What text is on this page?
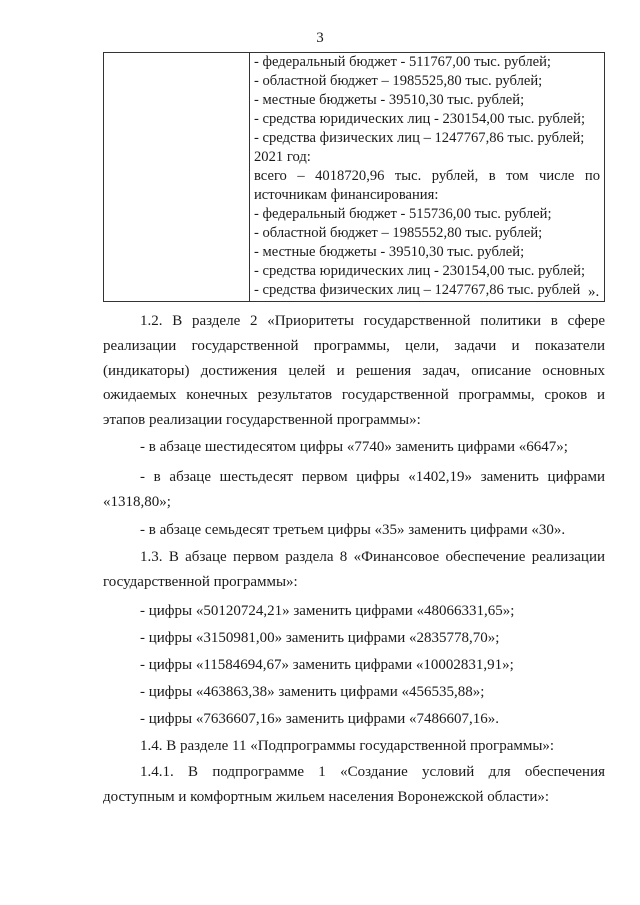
3

- федеральный бюджет - 511767,00 тыс. рублей;
- областной бюджет – 1985525,80 тыс. рублей;
- местные бюджеты - 39510,30 тыс. рублей;
- средства юридических лиц - 230154,00 тыс. рублей;
- средства физических лиц – 1247767,86 тыс. рублей;
2021 год:
всего – 4018720,96 тыс. рублей, в том числе по
источникам финансирования:
- федеральный бюджет - 515736,00 тыс. рублей;
- областной бюджет – 1985552,80 тыс. рублей;
- местные бюджеты - 39510,30 тыс. рублей;
- средства юридических лиц - 230154,00 тыс. рублей;
- средства физических лиц – 1247767,86 тыс. рублей ».
1.2. В разделе 2 «Приоритеты государственной политики в сфере реализации государственной программы, цели, задачи и показатели (индикаторы) достижения целей и решения задач, описание основных ожидаемых конечных результатов государственной программы, сроков и этапов реализации государственной программы»:
- в абзаце шестидесятом цифры «7740» заменить цифрами «6647»;
- в абзаце шестьдесят первом цифры «1402,19» заменить цифрами
«1318,80»;
- в абзаце семьдесят третьем цифры «35» заменить цифрами «30».
1.3. В абзаце первом раздела 8 «Финансовое обеспечение реализации государственной программы»:
- цифры «50120724,21» заменить цифрами «48066331,65»;
- цифры «3150981,00» заменить цифрами «2835778,70»;
- цифры «11584694,67» заменить цифрами «10002831,91»;
- цифры «463863,38» заменить цифрами «456535,88»;
- цифры «7636607,16» заменить цифрами «7486607,16».
1.4. В разделе 11 «Подпрограммы государственной программы»:
1.4.1. В подпрограмме 1 «Создание условий для обеспечения доступным и комфортным жильем населения Воронежской области»:
